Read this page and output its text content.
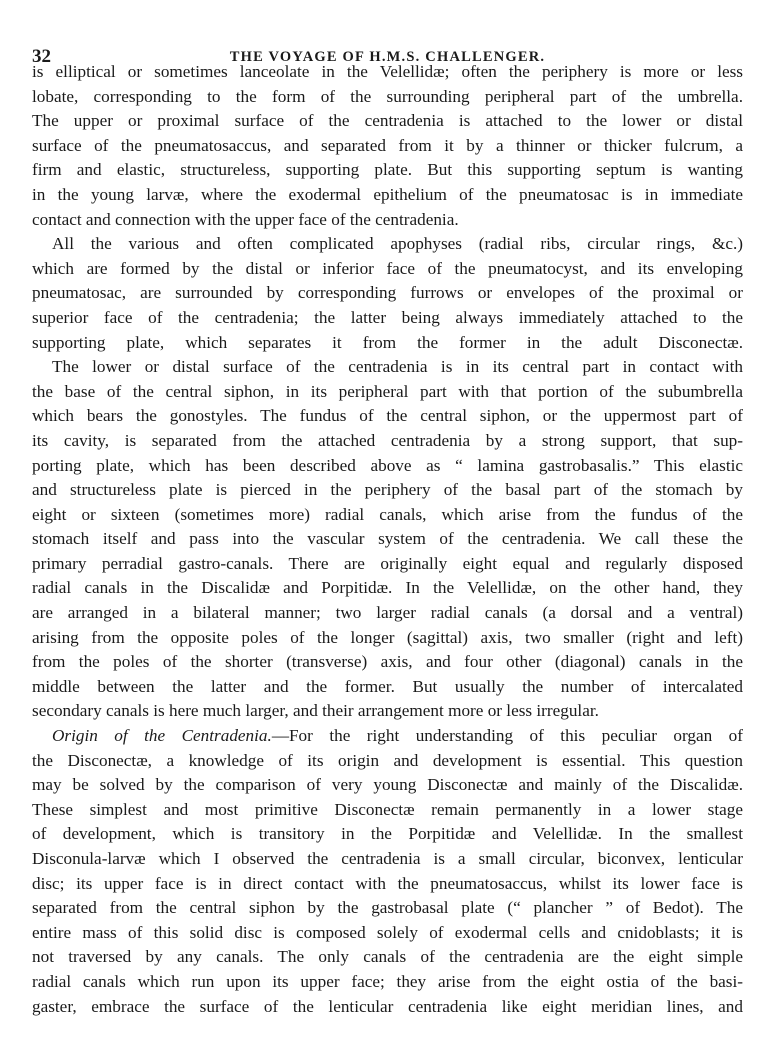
32	THE VOYAGE OF H.M.S. CHALLENGER.
is elliptical or sometimes lanceolate in the Velellidæ; often the periphery is more or less
lobate, corresponding to the form of the surrounding peripheral part of the umbrella.
The upper or proximal surface of the centradenia is attached to the lower or distal
surface of the pneumatosaccus, and separated from it by a thinner or thicker fulcrum, a
firm and elastic, structureless, supporting plate. But this supporting septum is wanting
in the young larvæ, where the exodermal epithelium of the pneumatosac is in immediate
contact and connection with the upper face of the centradenia.
All the various and often complicated apophyses (radial ribs, circular rings, &c.)
which are formed by the distal or inferior face of the pneumatocyst, and its enveloping
pneumatosac, are surrounded by corresponding furrows or envelopes of the proximal or
superior face of the centradenia; the latter being always immediately attached to the
supporting plate, which separates it from the former in the adult Disconectæ.
The lower or distal surface of the centradenia is in its central part in contact with
the base of the central siphon, in its peripheral part with that portion of the subumbrella
which bears the gonostyles. The fundus of the central siphon, or the uppermost part of
its cavity, is separated from the attached centradenia by a strong support, that sup-
porting plate, which has been described above as “ lamina gastrobasalis.” This elastic
and structureless plate is pierced in the periphery of the basal part of the stomach by
eight or sixteen (sometimes more) radial canals, which arise from the fundus of the
stomach itself and pass into the vascular system of the centradenia. We call these the
primary perradial gastro-canals. There are originally eight equal and regularly disposed
radial canals in the Discalidæ and Porpitidæ. In the Velellidæ, on the other hand, they
are arranged in a bilateral manner; two larger radial canals (a dorsal and a ventral)
arising from the opposite poles of the longer (sagittal) axis, two smaller (right and left)
from the poles of the shorter (transverse) axis, and four other (diagonal) canals in the
middle between the latter and the former. But usually the number of intercalated
secondary canals is here much larger, and their arrangement more or less irregular.
Origin of the Centradenia.—For the right understanding of this peculiar organ of
the Disconectæ, a knowledge of its origin and development is essential. This question
may be solved by the comparison of very young Disconectæ and mainly of the Discalidæ.
These simplest and most primitive Disconectæ remain permanently in a lower stage
of development, which is transitory in the Porpitidæ and Velellidæ. In the smallest
Disconula-larvæ which I observed the centradenia is a small circular, biconvex, lenticular
disc; its upper face is in direct contact with the pneumatosaccus, whilst its lower face is
separated from the central siphon by the gastrobasal plate (“ plancher ” of Bedot). The
entire mass of this solid disc is composed solely of exodermal cells and cnidoblasts; it is
not traversed by any canals. The only canals of the centradenia are the eight simple
radial canals which run upon its upper face; they arise from the eight ostia of the basi-
gaster, embrace the surface of the lenticular centradenia like eight meridian lines, and
